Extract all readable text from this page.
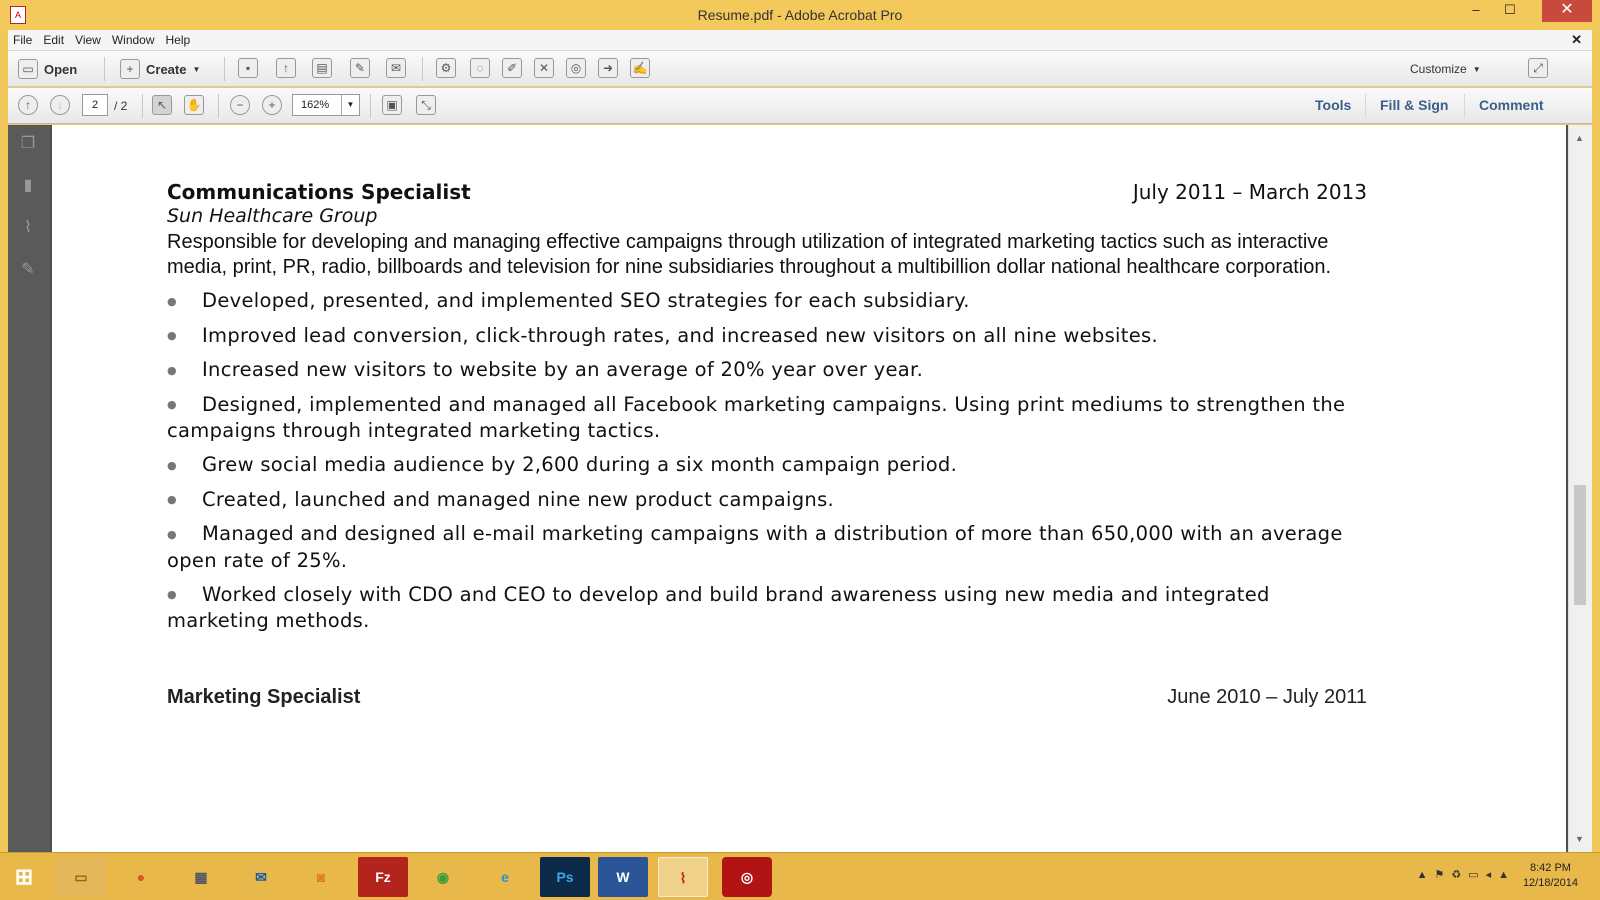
A	Resume.pdf - Adobe Acrobat Pro	–	☐	✕
File Edit View Window Help	✕
▭ Open	+ Create ▼	▪	↑	▤	✎	✉	⚙	◌	✐	✕	◎	➜	✍	Customize ▼	⤢
↑	↓	2	/ 2	↖	✋	−	+	162%	▼	▣	⤡	Tools Fill & Sign Comment
❐
▮
⌇
✎
Communications Specialist	July 2011 – March 2013
Sun Healthcare Group
Responsible for developing and managing effective campaigns through utilization of integrated marketing tactics such as interactive media, print, PR, radio, billboards and television for nine subsidiaries throughout a multibillion dollar national healthcare corporation.
● Developed, presented, and implemented SEO strategies for each subsidiary.
● Improved lead conversion, click-through rates, and increased new visitors on all nine websites.
● Increased new visitors to website by an average of 20% year over year.
● Designed, implemented and managed all Facebook marketing campaigns. Using print mediums to strengthen the campaigns through integrated marketing tactics.
● Grew social media audience by 2,600 during a six month campaign period.
● Created, launched and managed nine new product campaigns.
● Managed and designed all e-mail marketing campaigns with a distribution of more than 650,000 with an average open rate of 25%.
● Worked closely with CDO and CEO to develop and build brand awareness using new media and integrated marketing methods.
Marketing Specialist	June 2010 – July 2011
▲
▼
⊞	▭	●	▦	✉	◙	Fz	◉	e	Ps	W	⌇	◎	▲⚑♻▭◂▲
8:42 PM
12/18/2014
